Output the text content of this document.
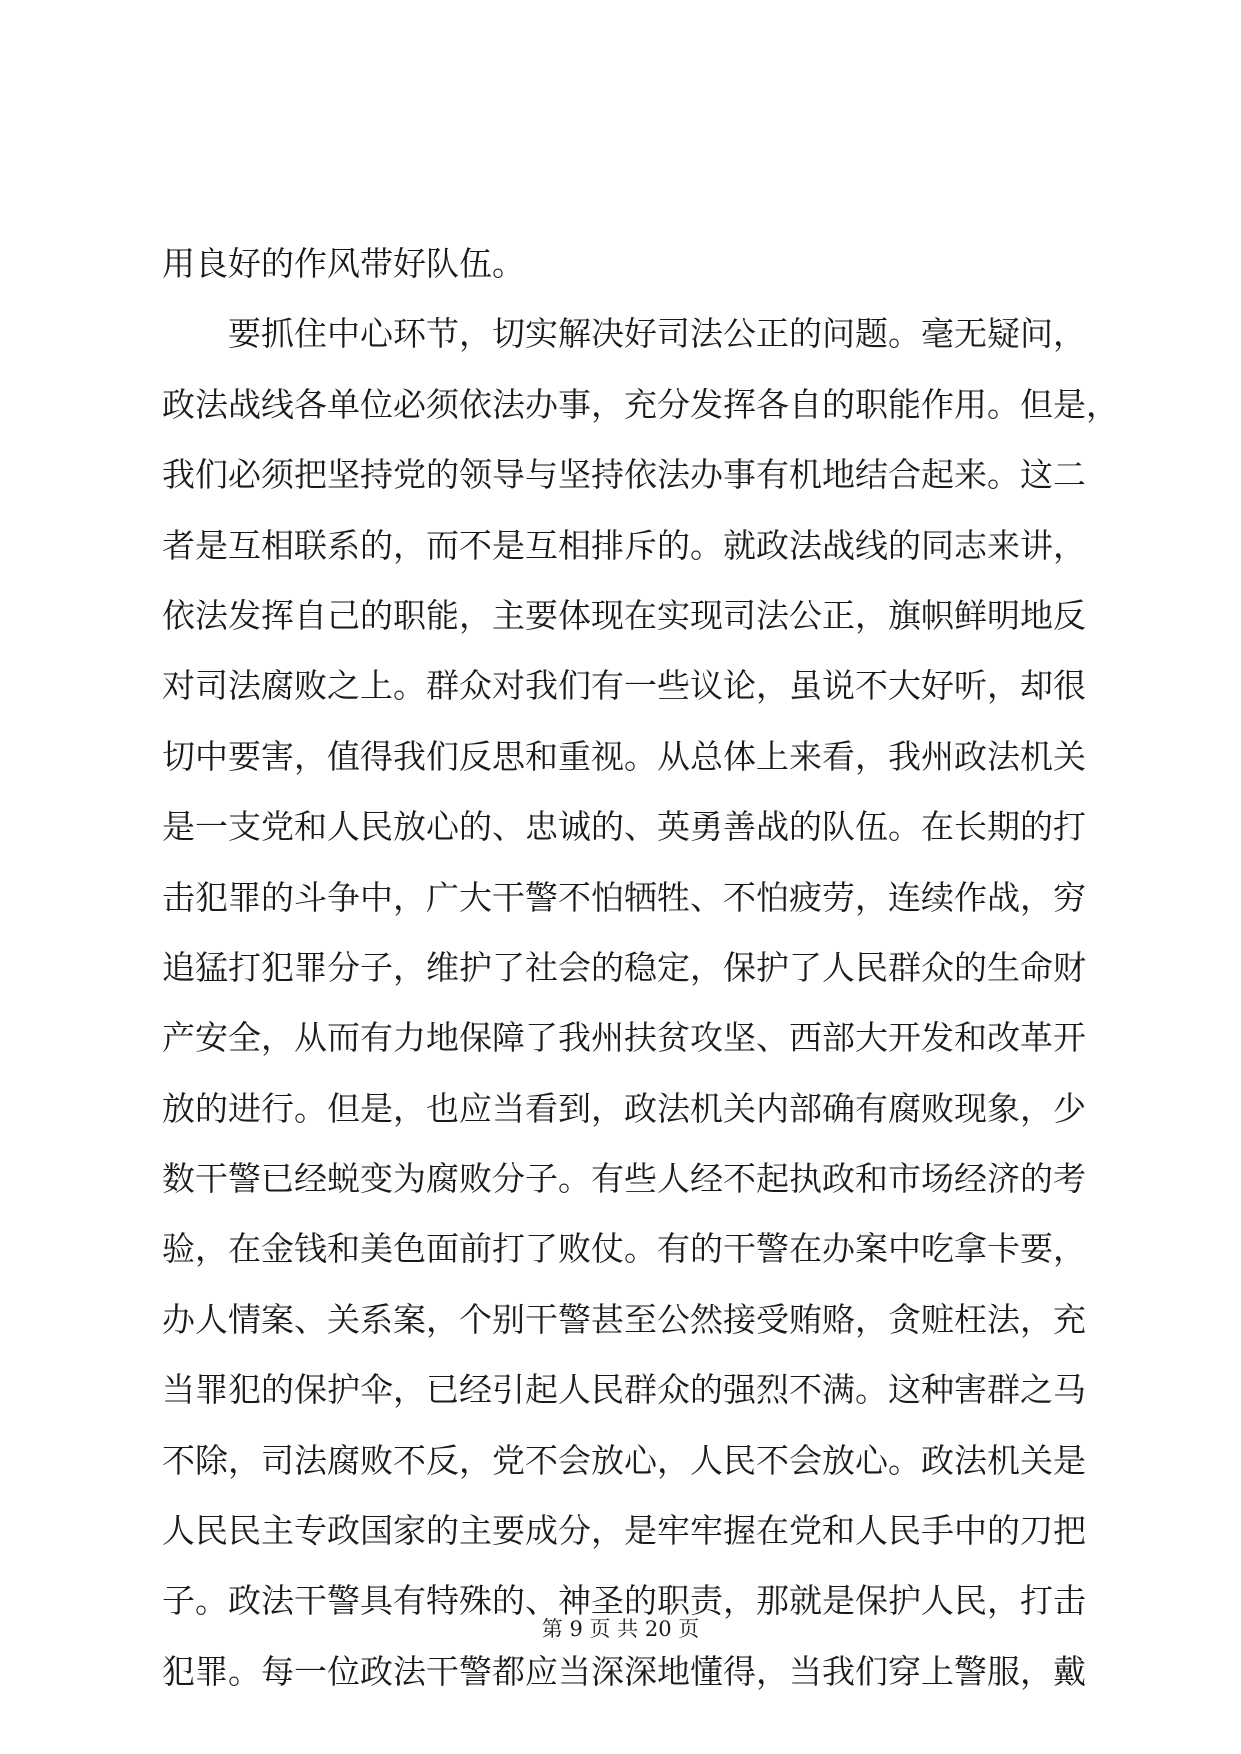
用良好的作风带好队伍。
要抓住中心环节，切实解决好司法公正的问题。毫无疑问，
政法战线各单位必须依法办事，充分发挥各自的职能作用。但是，
我们必须把坚持党的领导与坚持依法办事有机地结合起来。这二
者是互相联系的，而不是互相排斥的。就政法战线的同志来讲，
依法发挥自己的职能，主要体现在实现司法公正，旗帜鲜明地反
对司法腐败之上。群众对我们有一些议论，虽说不大好听，却很
切中要害，值得我们反思和重视。从总体上来看，我州政法机关
是一支党和人民放心的、忠诚的、英勇善战的队伍。在长期的打
击犯罪的斗争中，广大干警不怕牺牲、不怕疲劳，连续作战，穷
追猛打犯罪分子，维护了社会的稳定，保护了人民群众的生命财
产安全，从而有力地保障了我州扶贫攻坚、西部大开发和改革开
放的进行。但是，也应当看到，政法机关内部确有腐败现象，少
数干警已经蜕变为腐败分子。有些人经不起执政和市场经济的考
验，在金钱和美色面前打了败仗。有的干警在办案中吃拿卡要，
办人情案、关系案，个别干警甚至公然接受贿赂，贪赃枉法，充
当罪犯的保护伞，已经引起人民群众的强烈不满。这种害群之马
不除，司法腐败不反，党不会放心，人民不会放心。政法机关是
人民民主专政国家的主要成分，是牢牢握在党和人民手中的刀把
子。政法干警具有特殊的、神圣的职责，那就是保护人民，打击
犯罪。每一位政法干警都应当深深地懂得，当我们穿上警服，戴
第 9 页 共 20 页
